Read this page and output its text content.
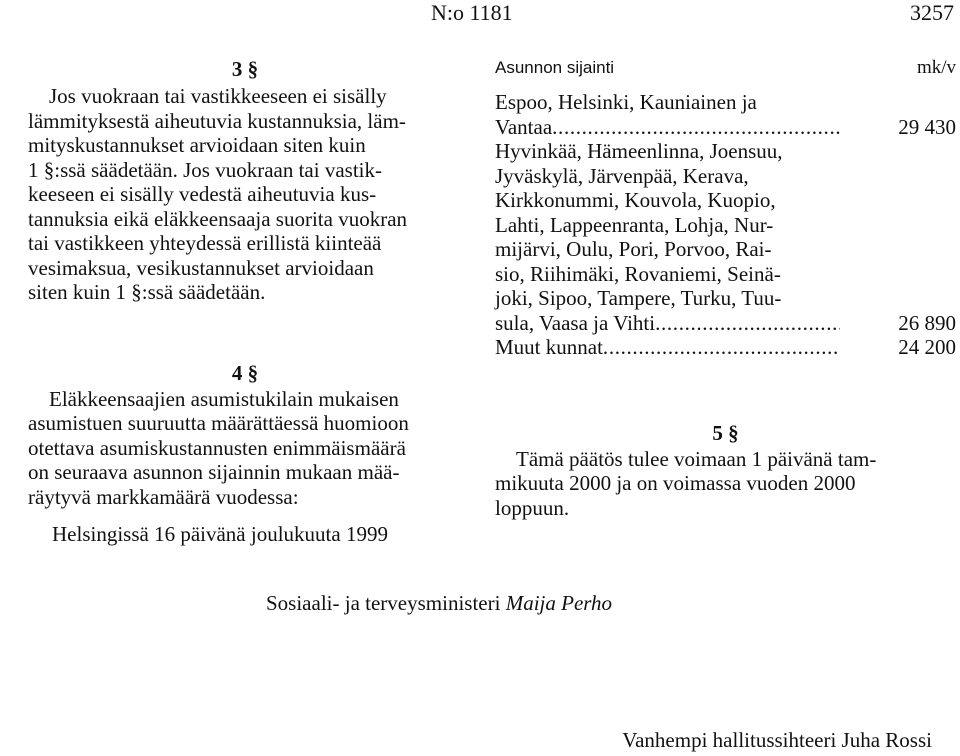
N:o 1181	3257
3 §
Jos vuokraan tai vastikkeeseen ei sisälly
lämmityksestä aiheutuvia kustannuksia, läm-
mityskustannukset arvioidaan siten kuin
1 §:ssä säädetään. Jos vuokraan tai vastik-
keeseen ei sisälly vedestä aiheutuvia kus-
tannuksia eikä eläkkeensaaja suorita vuokran
tai vastikkeen yhteydessä erillistä kiinteää
vesimaksua, vesikustannukset arvioidaan
siten kuin 1 §:ssä säädetään.
4 §
Eläkkeensaajien asumistukilain mukaisen
asumistuen suuruutta määrättäessä huomioon
otettava asumiskustannusten enimmäismäärä
on seuraava asunnon sijainnin mukaan mää-
räytyvä markkamäärä vuodessa:
Asunnon sijainti	mk/v
Espoo, Helsinki, Kauniainen ja
Vantaa . . .	29 430
Hyvinkää, Hämeenlinna, Joensuu,
Jyväskylä, Järvenpää, Kerava,
Kirkkonummi, Kouvola, Kuopio,
Lahti, Lappeenranta, Lohja, Nur-
mijärvi, Oulu, Pori, Porvoo, Rai-
sio, Riihimäki, Rovaniemi, Seinä-
joki, Sipoo, Tampere, Turku, Tuu-
sula, Vaasa ja Vihti . . .	26 890
Muut kunnat . . .	24 200
5 §
Tämä päätös tulee voimaan 1 päivänä tam-
mikuuta 2000 ja on voimassa vuoden 2000
loppuun.
Helsingissä 16 päivänä joulukuuta 1999
Sosiaali- ja terveysministeri Maija Perho
Vanhempi hallitussihteeri Juha Rossi
